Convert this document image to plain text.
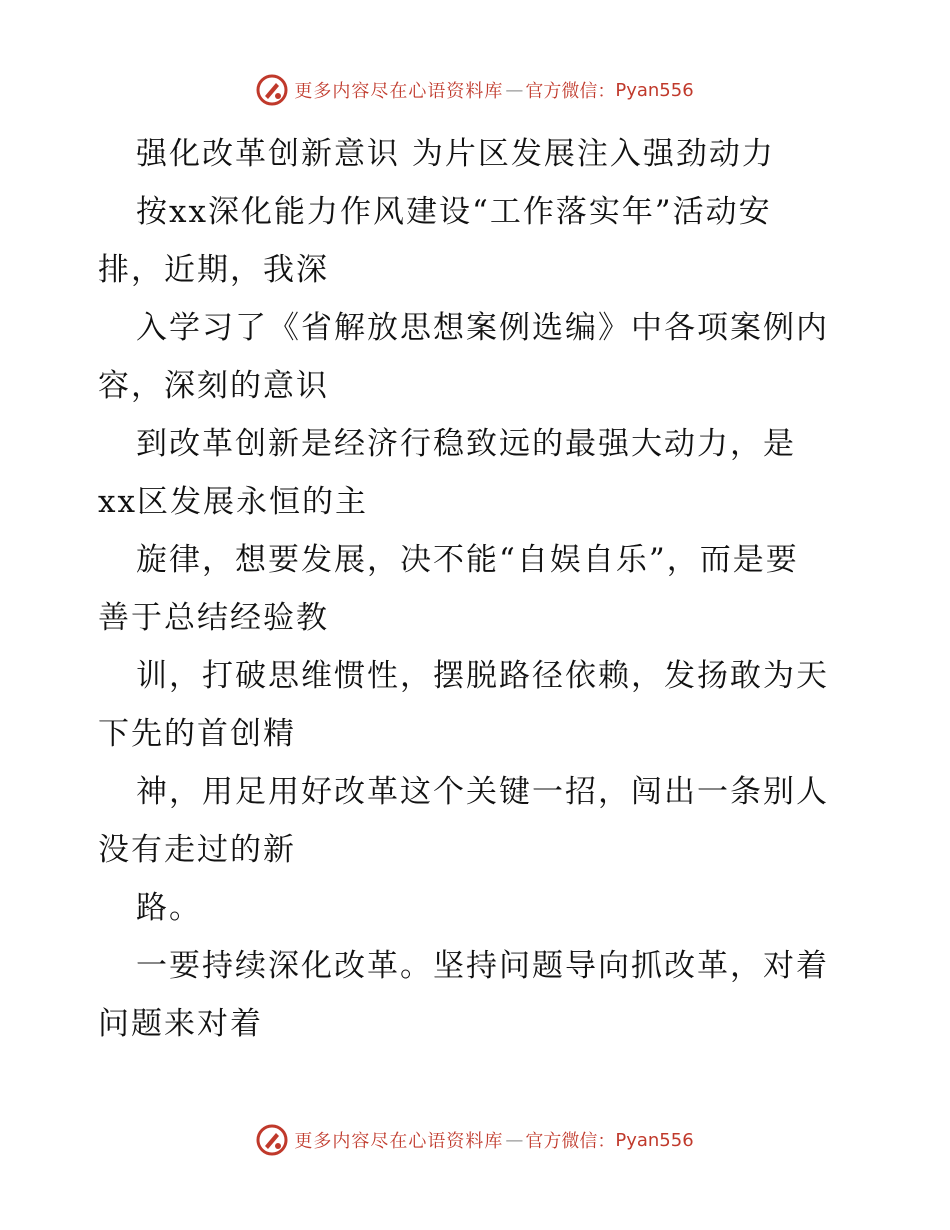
更多内容尽在心语资料库 — 官方微信： Pyan556
强化改革创新意识 为片区发展注入强劲动力
按xx深化能力作风建设“工作落实年”活动安
排，近期，我深
入学习了《省解放思想案例选编》中各项案例内
容，深刻的意识
到改革创新是经济行稳致远的最强大动力，是
xx区发展永恒的主
旋律，想要发展，决不能“自娱自乐”，而是要
善于总结经验教
训，打破思维惯性，摆脱路径依赖，发扬敢为天
下先的首创精
神，用足用好改革这个关键一招，闯出一条别人
没有走过的新
路。
一要持续深化改革。坚持问题导向抓改革，对着
问题来对着
更多内容尽在心语资料库 — 官方微信： Pyan556
